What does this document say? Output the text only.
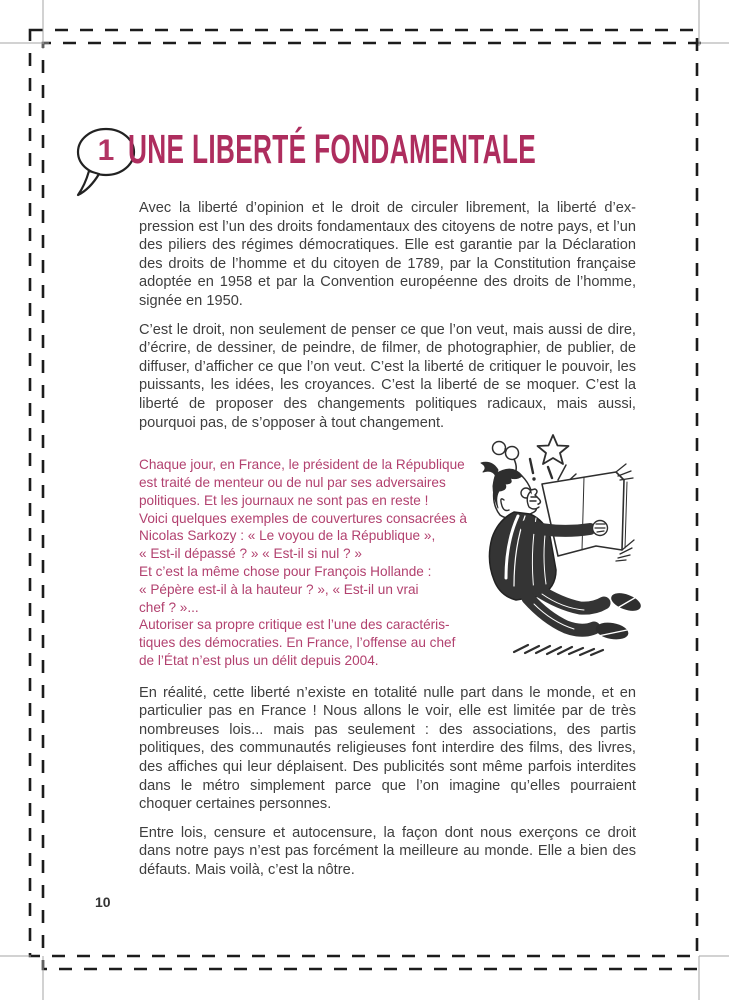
1 UNE LIBERTÉ FONDAMENTALE

Avec la liberté d’opinion et le droit de circuler librement, la liberté d’expression est l’un des droits fondamentaux des citoyens de notre pays, et l’un des piliers des régimes démocratiques. Elle est garantie par la Déclaration des droits de l’homme et du citoyen de 1789, par la Constitution française adoptée en 1958 et par la Convention européenne des droits de l’homme, signée en 1950.

C’est le droit, non seulement de penser ce que l’on veut, mais aussi de dire, d’écrire, de dessiner, de peindre, de filmer, de photographier, de publier, de diffuser, d’afficher ce que l’on veut. C’est la liberté de critiquer le pouvoir, les puissants, les idées, les croyances. C’est la liberté de se moquer. C’est la liberté de proposer des changements politiques radicaux, mais aussi, pourquoi pas, de s’opposer à tout changement.

Chaque jour, en France, le président de la République est traité de menteur ou de nul par ses adversaires politiques. Et les journaux ne sont pas en reste !

Voici quelques exemples de couvertures consacrées à Nicolas Sarkozy : « Le voyou de la République », « Est-il dépassé ? » « Est-il si nul ? »

Et c’est la même chose pour François Hollande : « Pépère est-il à la hauteur ? », « Est-il un vrai chef ? »...

Autoriser sa propre critique est l’une des caractéristiques des démocraties. En France, l’offense au chef de l’État n’est plus un délit depuis 2004.

En réalité, cette liberté n’existe en totalité nulle part dans le monde, et en particulier pas en France ! Nous allons le voir, elle est limitée par de très nombreuses lois... mais pas seulement : des associations, des partis politiques, des communautés religieuses font interdire des films, des livres, des affiches qui leur déplaisent. Des publicités sont même parfois interdites dans le métro simplement parce que l’on imagine qu’elles pourraient choquer certaines personnes.

Entre lois, censure et autocensure, la façon dont nous exerçons ce droit dans notre pays n’est pas forcément la meilleure au monde. Elle a bien des défauts. Mais voilà, c’est la nôtre.

10
